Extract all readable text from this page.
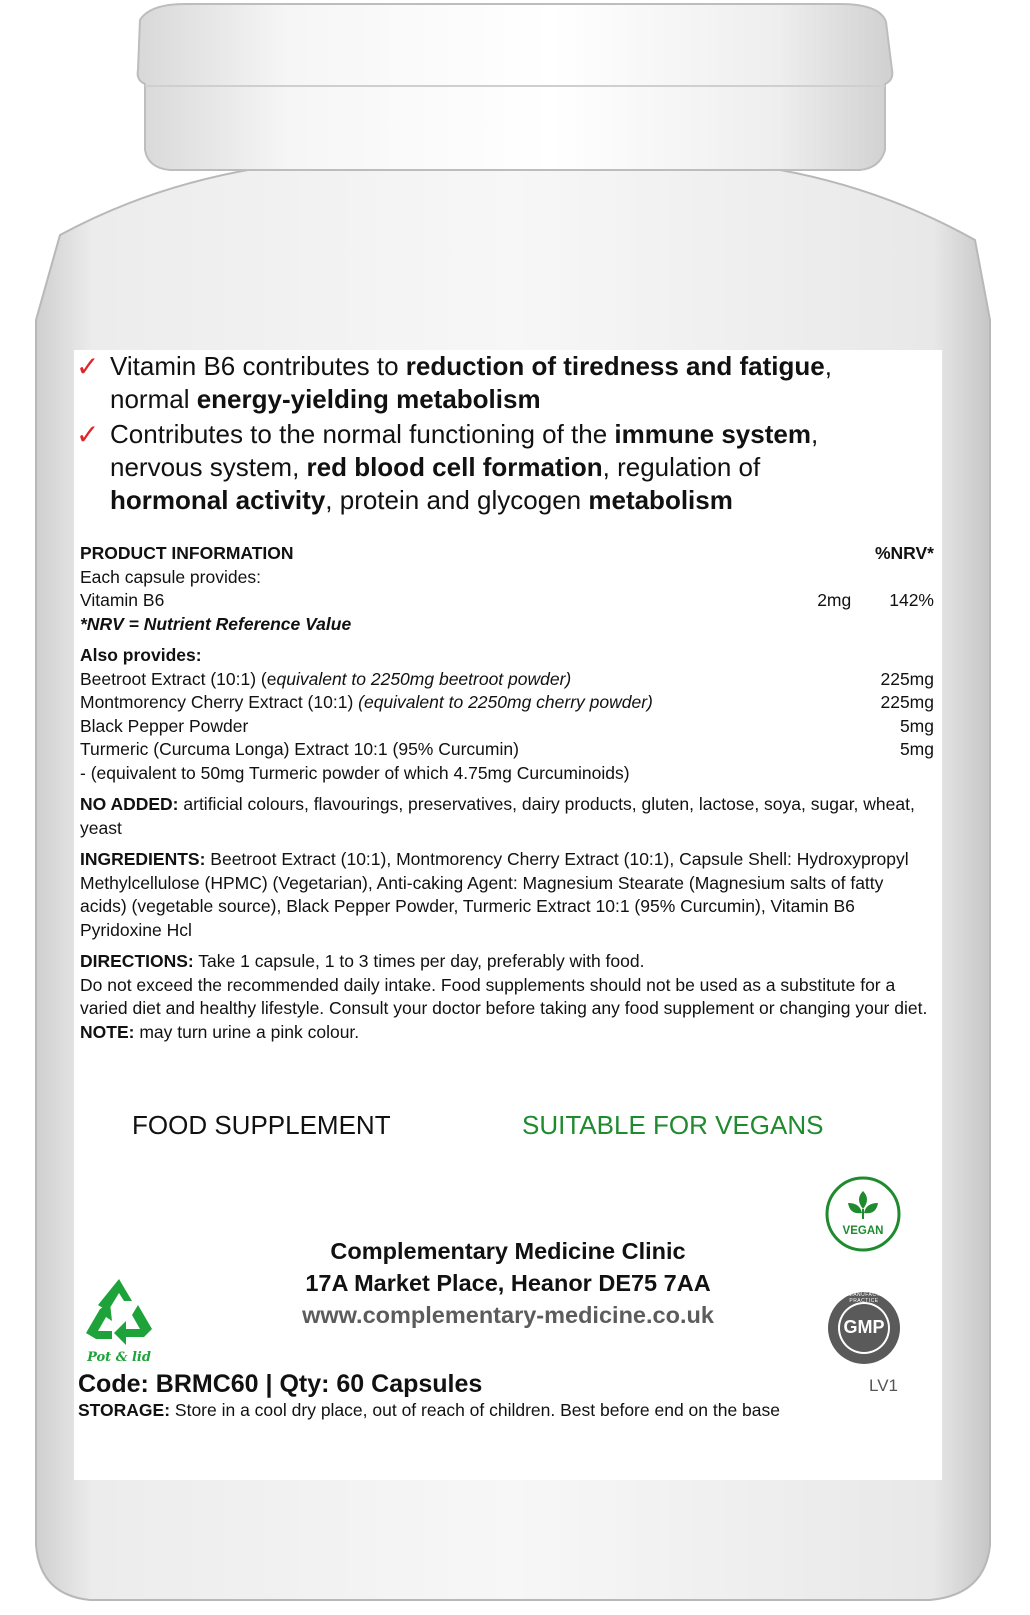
✓ Vitamin B6 contributes to reduction of tiredness and fatigue,
normal energy-yielding metabolism
✓ Contributes to the normal functioning of the immune system,
nervous system, red blood cell formation, regulation of
hormonal activity, protein and glycogen metabolism
PRODUCT INFORMATION	%NRV*
Each capsule provides:
Vitamin B6	2mg 142%
*NRV = Nutrient Reference Value
Also provides:
Beetroot Extract (10:1) (equivalent to 2250mg beetroot powder)	225mg
Montmorency Cherry Extract (10:1) (equivalent to 2250mg cherry powder)	225mg
Black Pepper Powder	5mg
Turmeric (Curcuma Longa) Extract 10:1 (95% Curcumin)	5mg
- (equivalent to 50mg Turmeric powder of which 4.75mg Curcuminoids)
NO ADDED: artificial colours, flavourings, preservatives, dairy products, gluten, lactose, soya, sugar, wheat, yeast
INGREDIENTS: Beetroot Extract (10:1), Montmorency Cherry Extract (10:1), Capsule Shell: Hydroxypropyl Methylcellulose (HPMC) (Vegetarian), Anti-caking Agent: Magnesium Stearate (Magnesium salts of fatty acids) (vegetable source), Black Pepper Powder, Turmeric Extract 10:1 (95% Curcumin), Vitamin B6 Pyridoxine Hcl
DIRECTIONS: Take 1 capsule, 1 to 3 times per day, preferably with food.
Do not exceed the recommended daily intake. Food supplements should not be used as a substitute for a varied diet and healthy lifestyle. Consult your doctor before taking any food supplement or changing your diet.
NOTE: may turn urine a pink colour.
FOOD SUPPLEMENT	SUITABLE FOR VEGANS
Complementary Medicine Clinic
17A Market Place, Heanor DE75 7AA
www.complementary-medicine.co.uk
Pot & lid
VEGAN
GMP
GOOD MANUFACTURING PRACTICE
Code: BRMC60 | Qty: 60 Capsules	LV1
STORAGE: Store in a cool dry place, out of reach of children. Best before end on the base
